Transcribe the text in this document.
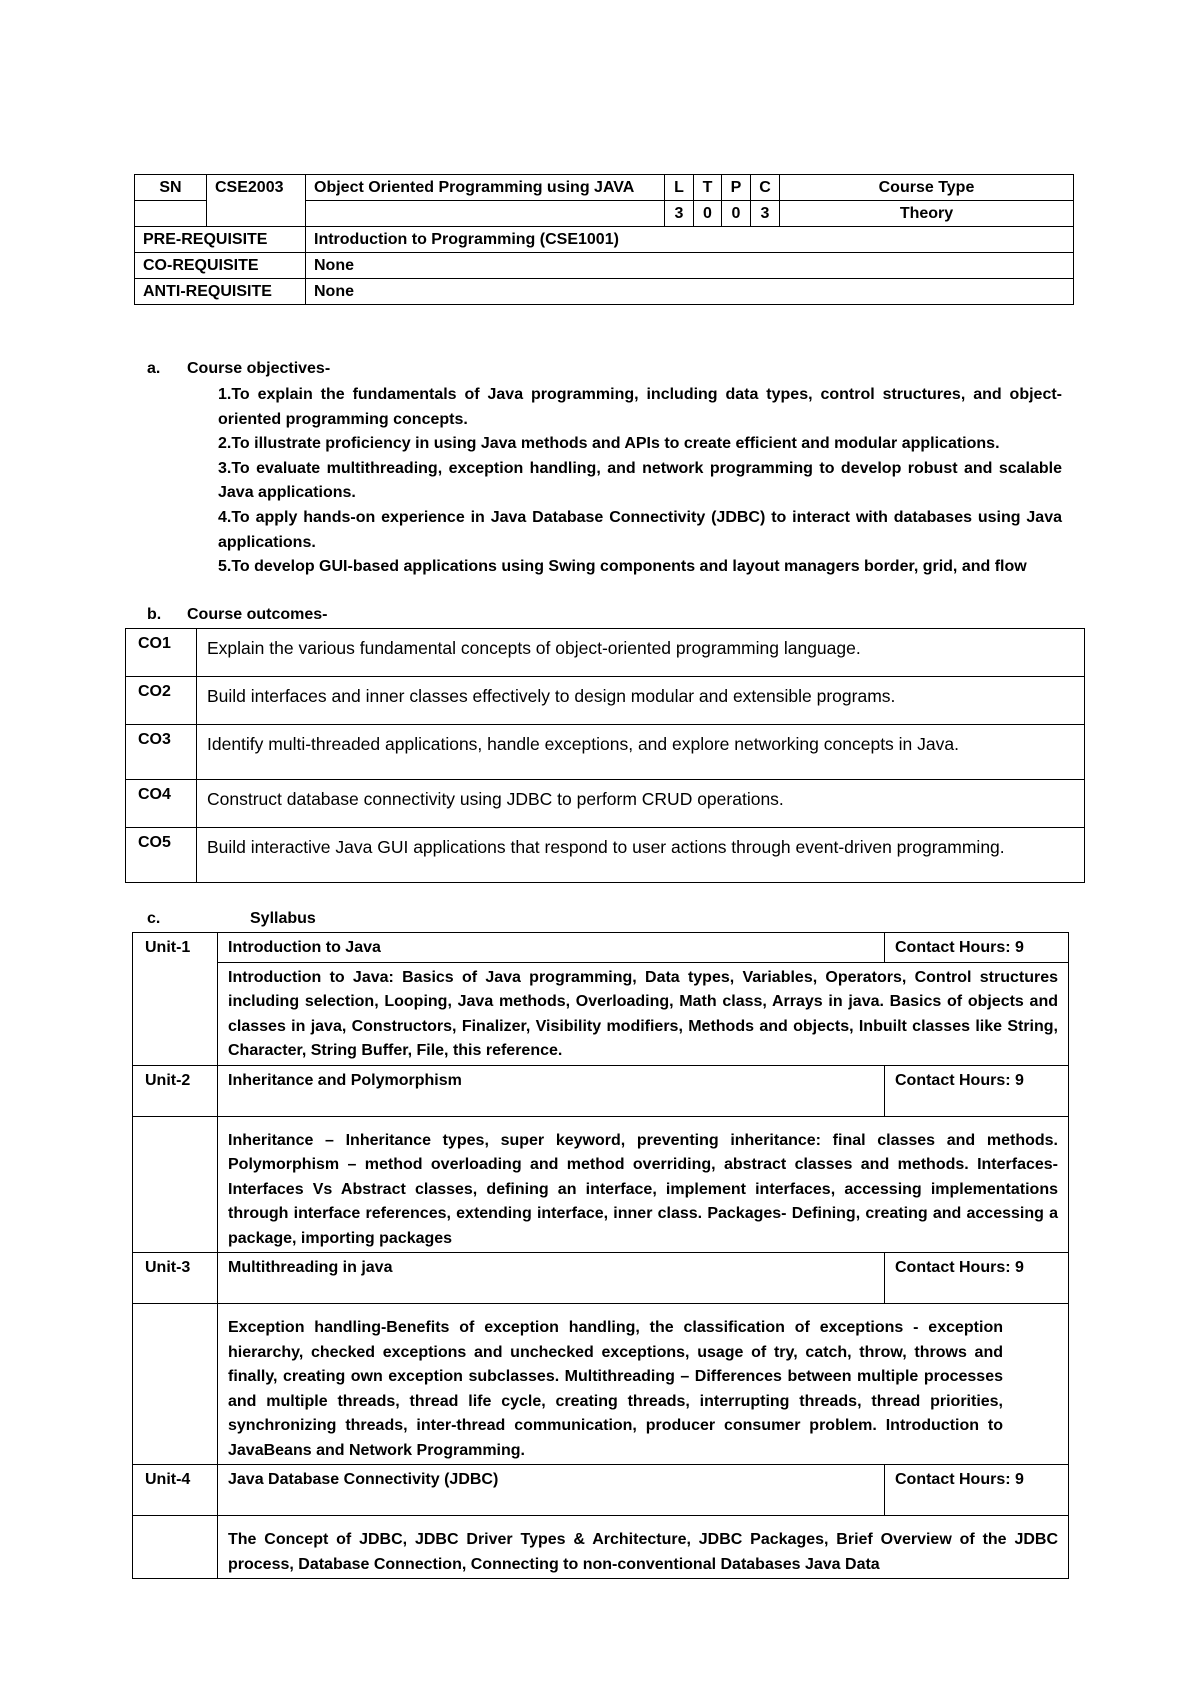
SN	CSE2003	Object Oriented Programming using JAVA	L	T	P	C	Course Type
			3	0	0	3	Theory
PRE-REQUISITE		Introduction to Programming (CSE1001)					
CO-REQUISITE		None					
ANTI-REQUISITE		None					
a. Course objectives-

1.To explain the fundamentals of Java programming, including data types, control structures, and object-oriented programming concepts.

2.To illustrate proficiency in using Java methods and APIs to create efficient and modular applications.

3.To evaluate multithreading, exception handling, and network programming to develop robust and scalable Java applications.

4.To apply hands-on experience in Java Database Connectivity (JDBC) to interact with databases using Java applications.

5.To develop GUI-based applications using Swing components and layout managers border, grid, and flow

b. Course outcomes-
CO1	Explain the various fundamental concepts of object-oriented programming language.
CO2	Build interfaces and inner classes effectively to design modular and extensible programs.
CO3	Identify multi-threaded applications, handle exceptions, and explore networking concepts in Java.
CO4	Construct database connectivity using JDBC to perform CRUD operations.
CO5	Build interactive Java GUI applications that respond to user actions through event-driven programming.
c.	Syllabus
Unit-1	Introduction to Java	Contact Hours: 9
	Introduction to Java: Basics of Java programming, Data types, Variables, Operators, Control structures including selection, Looping, Java methods, Overloading, Math class, Arrays in java. Basics of objects and classes in java, Constructors, Finalizer, Visibility modifiers, Methods and objects, Inbuilt classes like String, Character, String Buffer, File, this reference.	
Unit-2	Inheritance and Polymorphism	Contact Hours: 9
	Inheritance – Inheritance types, super keyword, preventing inheritance: final classes and methods. Polymorphism – method overloading and method overriding, abstract classes and methods. Interfaces- Interfaces Vs Abstract classes, defining an interface, implement interfaces, accessing implementations through interface references, extending interface, inner class. Packages- Defining, creating and accessing a package, importing packages	
Unit-3	Multithreading in java	Contact Hours: 9
	Exception handling-Benefits of exception handling, the classification of exceptions - exception hierarchy, checked exceptions and unchecked exceptions, usage of try, catch, throw, throws and finally, creating own exception subclasses. Multithreading – Differences between multiple processes and multiple threads, thread life cycle, creating threads, interrupting threads, thread priorities, synchronizing threads, inter-thread communication, producer consumer problem. Introduction to JavaBeans and Network Programming.	
Unit-4	Java Database Connectivity (JDBC)	Contact Hours: 9
	The Concept of JDBC, JDBC Driver Types & Architecture, JDBC Packages, Brief Overview of the JDBC process, Database Connection, Connecting to non-conventional Databases Java Data	
